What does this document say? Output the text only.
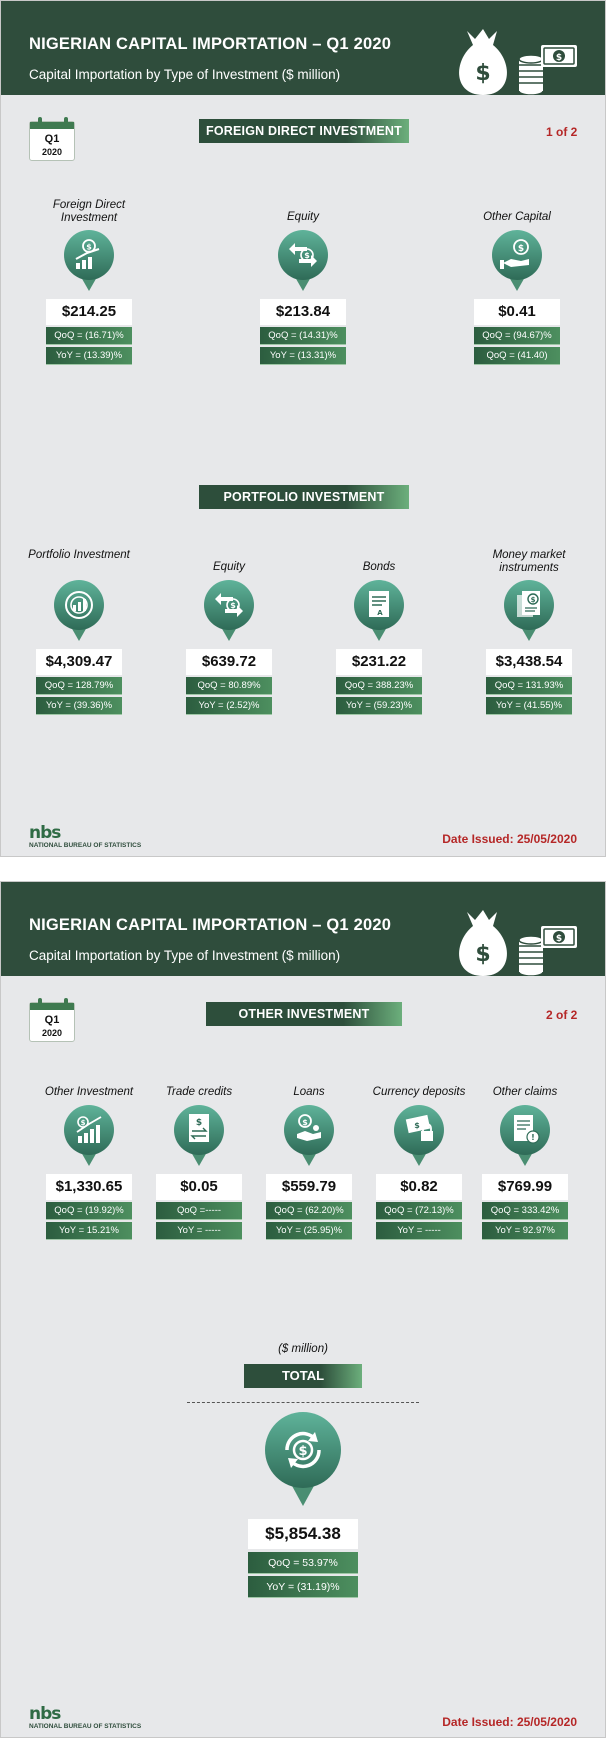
NIGERIAN CAPITAL IMPORTATION – Q1 2020
Capital Importation by Type of Investment ($ million)	$
$
Q1
2020
FOREIGN DIRECT INVESTMENT	1 of 2
Foreign Direct Investment
$
$214.25
QoQ = (16.71)%
YoY = (13.39)%
Equity
$
$213.84
QoQ = (14.31)%
YoY = (13.31)%
Other Capital
$
$0.41
QoQ = (94.67)%
QoQ = (41.40)
PORTFOLIO INVESTMENT
Portfolio Investment
$4,309.47
QoQ = 128.79%
YoY = (39.36)%
Equity
$
$639.72
QoQ = 80.89%
YoY = (2.52)%
Bonds
A
$231.22
QoQ = 388.23%
YoY = (59.23)%
Money market instruments
$
$3,438.54
QoQ = 131.93%
YoY = (41.55)%
nbs
NATIONAL BUREAU OF STATISTICS	Date Issued: 25/05/2020
NIGERIAN CAPITAL IMPORTATION – Q1 2020
Capital Importation by Type of Investment ($ million)	$
$
Q1
2020
OTHER INVESTMENT	2 of 2
Other Investment
$
$1,330.65
QoQ = (19.92)%
YoY = 15.21%
Trade credits
$
$0.05
QoQ =-----
YoY = -----
Loans
$
$559.79
QoQ = (62.20)%
YoY = (25.95)%
Currency deposits
$
$0.82
QoQ = (72.13)%
YoY = -----
Other claims
!
$769.99
QoQ = 333.42%
YoY = 92.97%
($ million)
TOTAL
$
$5,854.38
QoQ = 53.97%
YoY = (31.19)%
nbs
NATIONAL BUREAU OF STATISTICS	Date Issued: 25/05/2020
